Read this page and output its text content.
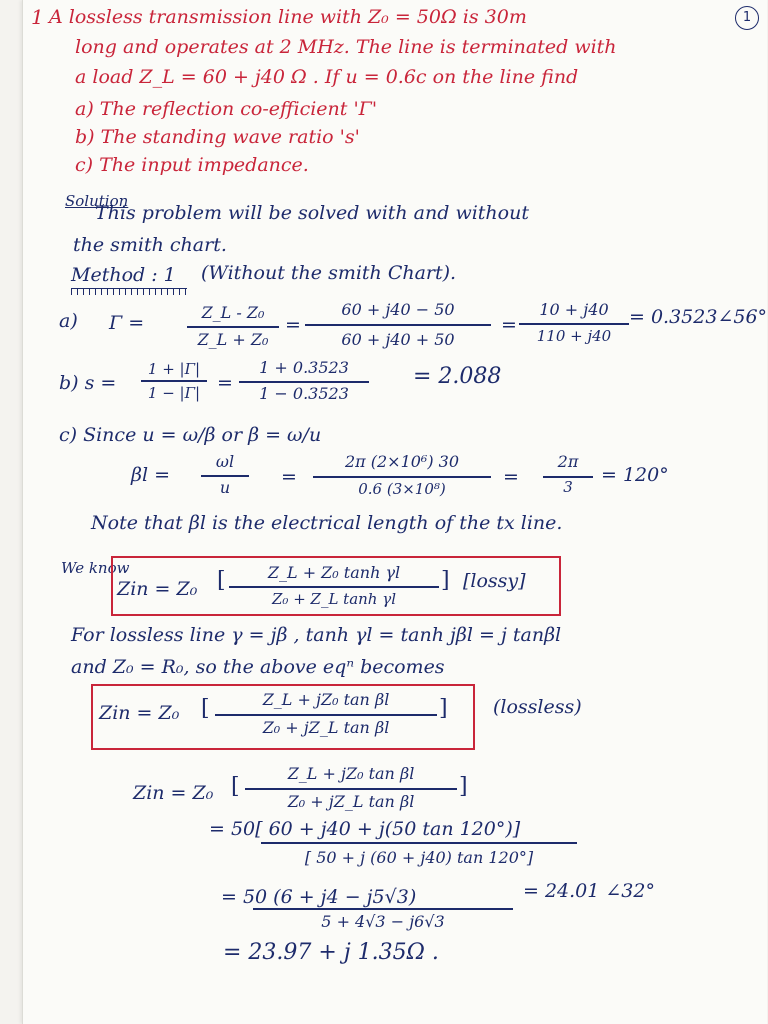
1
1 A lossless transmission line with Z₀ = 50Ω is 30m
long and operates at 2 MHz. The line is terminated with
a load Z_L = 60 + j40 Ω . If u = 0.6c on the line find
a) The reflection co-efficient 'Γ'
b) The standing wave ratio 's'
c) The input impedance.
Solution
This problem will be solved with and without
the smith chart.
Method : 1 (Without the smith Chart).
a) Γ =	Z_L - Z₀
Z_L + Z₀
=
60 + j40 − 50
60 + j40 + 50
=
10 + j40
110 + j40
= 0.3523∠56°
b) s =
1 + |Γ|
1 − |Γ| =
1 + 0.3523
1 − 0.3523
= 2.088
c) Since u = ω/β or β = ω/u
βl =
ωl
u	=
2π (2×10⁶) 30
0.6 (3×10⁸)
=
2π
3
= 120°
Note that βl is the electrical length of the tx line.
We know
Zin = Z₀ [	Z_L + Z₀ tanh γl
Z₀ + Z_L tanh γl
] [lossy]
For lossless line γ = jβ , tanh γl = tanh jβl = j tanβl
and Z₀ = R₀, so the above eqⁿ becomes
Zin = Z₀ [	Z_L + jZ₀ tan βl
Z₀ + jZ_L tan βl
] (lossless)
Zin = Z₀ [
Z_L + jZ₀ tan βl
Z₀ + jZ_L tan βl
]
= 50[ 60 + j40 + j(50 tan 120°)]
[ 50 + j (60 + j40) tan 120°]
= 50 (6 + j4 − j5√3)
5 + 4√3 − j6√3
= 24.01 ∠32°
= 23.97 + j 1.35Ω .
